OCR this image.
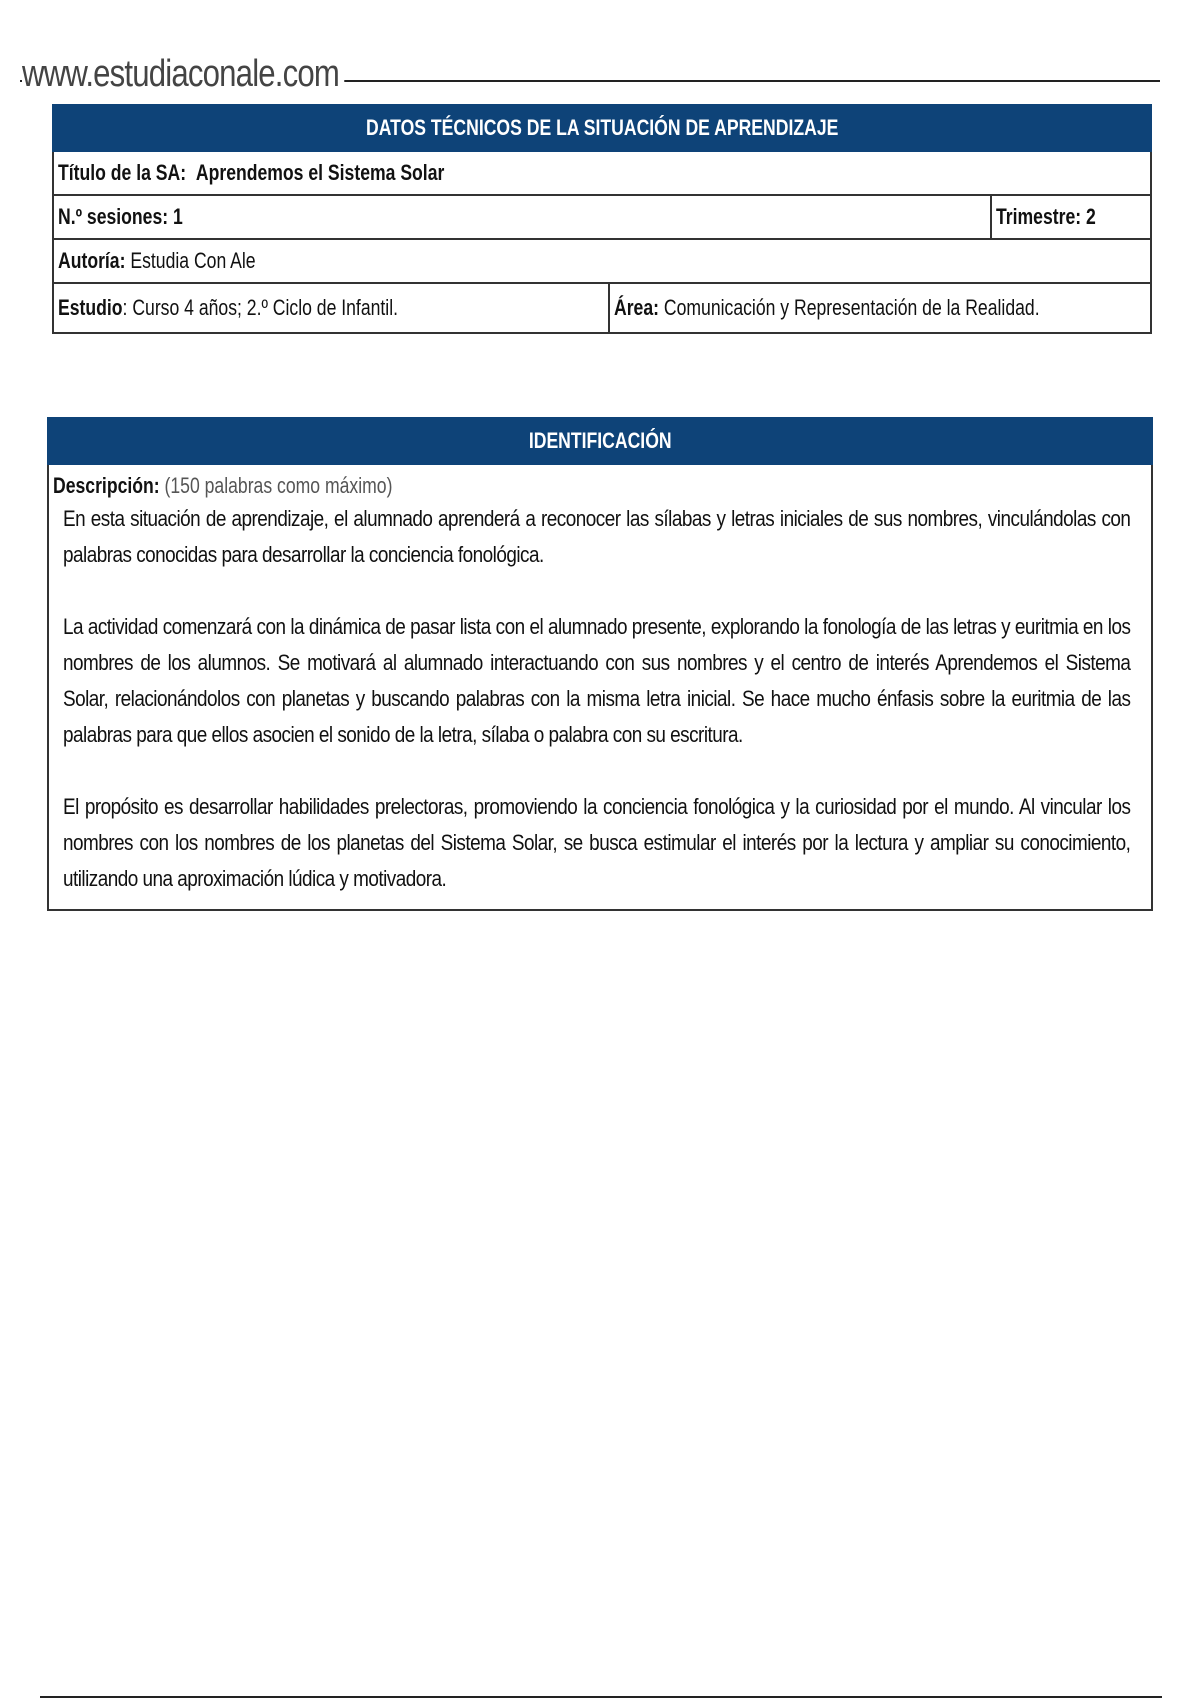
www.estudiaconale.com
DATOS TÉCNICOS DE LA SITUACIÓN DE APRENDIZAJE		
Título de la SA: Aprendemos el Sistema Solar		
N.º sesiones: 1		Trimestre: 2
Autoría: Estudia Con Ale		
Estudio: Curso 4 años; 2.º Ciclo de Infantil.	Área: Comunicación y Representación de la Realidad.	
IDENTIFICACIÓN

Descripción: (150 palabras como máximo)
En esta situación de aprendizaje, el alumnado aprenderá a reconocer las sílabas y letras iniciales de sus nombres, vinculándolas con palabras conocidas para desarrollar la conciencia fonológica.
La actividad comenzará con la dinámica de pasar lista con el alumnado presente, explorando la fonología de las letras y euritmia en los nombres de los alumnos. Se motivará al alumnado interactuando con sus nombres y el centro de interés Aprendemos el Sistema Solar, relacionándolos con planetas y buscando palabras con la misma letra inicial. Se hace mucho énfasis sobre la euritmia de las palabras para que ellos asocien el sonido de la letra, sílaba o palabra con su escritura.
El propósito es desarrollar habilidades prelectoras, promoviendo la conciencia fonológica y la curiosidad por el mundo. Al vincular los nombres con los nombres de los planetas del Sistema Solar, se busca estimular el interés por la lectura y ampliar su conocimiento, utilizando una aproximación lúdica y motivadora.
